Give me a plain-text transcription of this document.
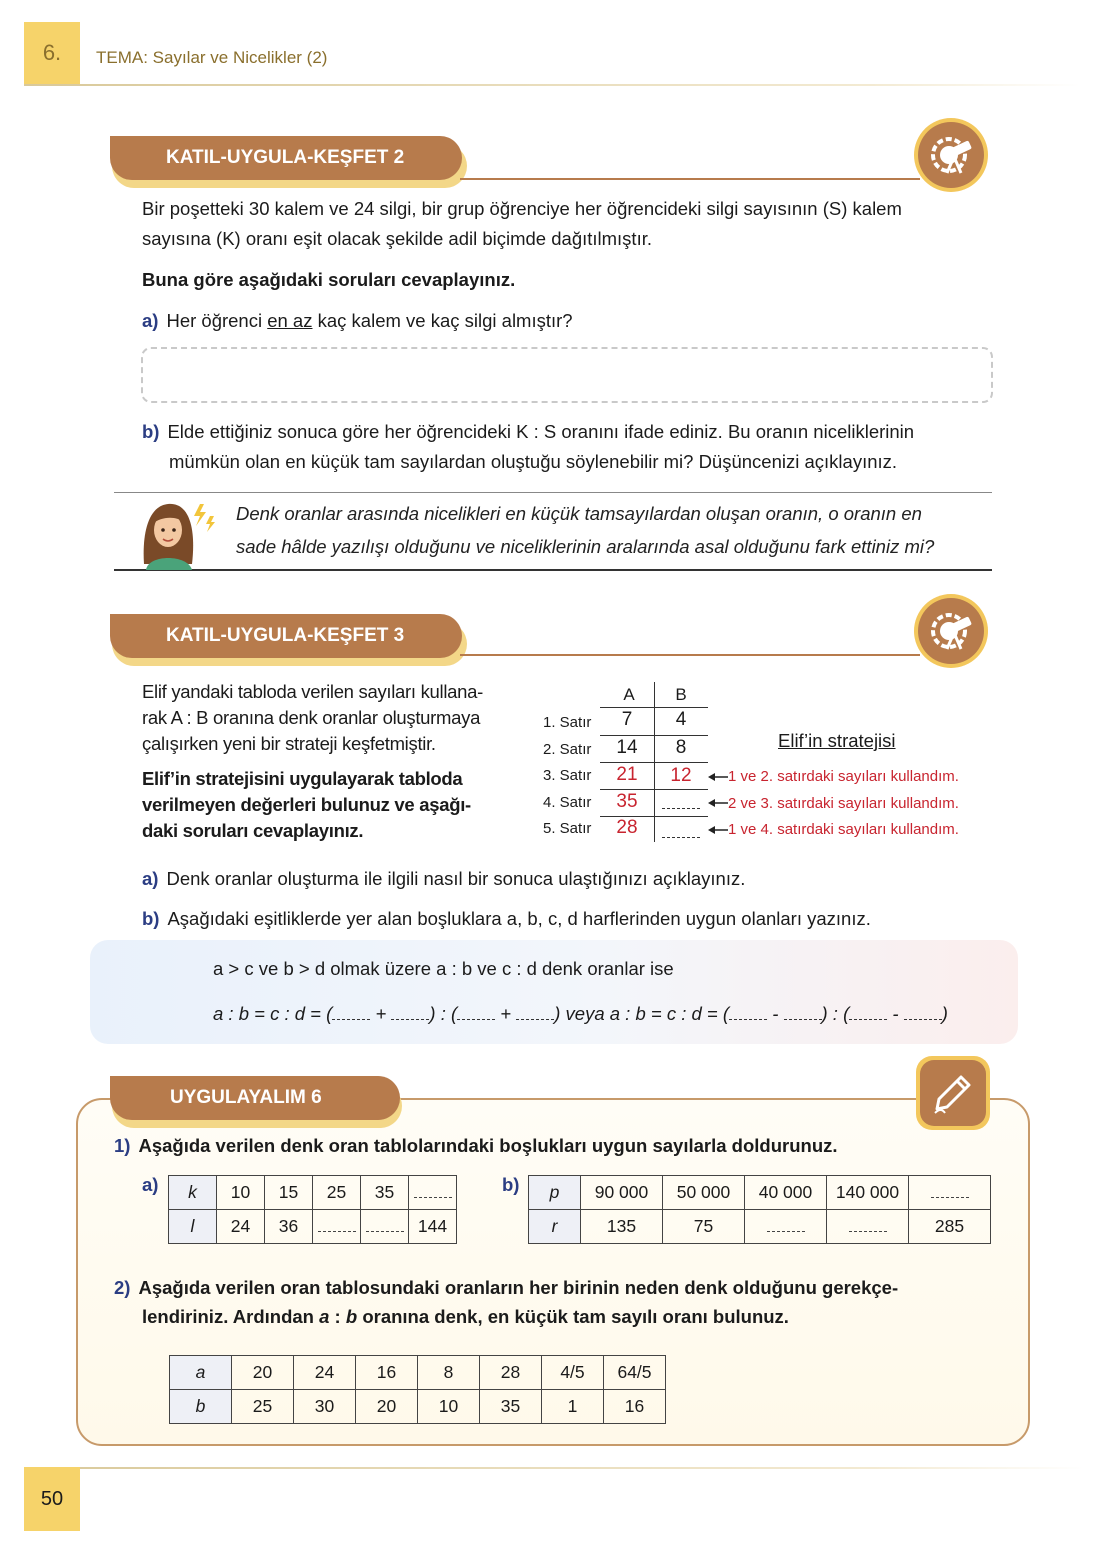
6.	TEMA: Sayılar ve Nicelikler (2)
KATIL-UYGULA-KEŞFET 2
Bir poşetteki 30 kalem ve 24 silgi, bir grup öğrenciye her öğrencideki silgi sayısının (S) kalem
sayısına (K) oranı eşit olacak şekilde adil biçimde dağıtılmıştır.
Buna göre aşağıdaki soruları cevaplayınız.
a) Her öğrenci en az kaç kalem ve kaç silgi almıştır?
b) Elde ettiğiniz sonuca göre her öğrencideki K : S oranını ifade ediniz. Bu oranın niceliklerinin
mümkün olan en küçük tam sayılardan oluştuğu söylenebilir mi? Düşüncenizi açıklayınız.
Denk oranlar arasında nicelikleri en küçük tamsayılardan oluşan oranın, o oranın en
sade hâlde yazılışı olduğunu ve niceliklerinin aralarında asal olduğunu fark ettiniz mi?
KATIL-UYGULA-KEŞFET 3
Elif yandaki tabloda verilen sayıları kullana-
rak A : B oranına denk oranlar oluşturmaya
çalışırken yeni bir strateji keşfetmiştir.
Elif’in stratejisini uygulayarak tabloda
verilmeyen değerleri bulunuz ve aşağı-
daki soruları cevaplayınız.
A	B
1. Satır	7	4
2. Satır	14	8
3. Satır	21	12
4. Satır	35
5. Satır	28
Elif’in stratejisi
1 ve 2. satırdaki sayıları kullandım.
2 ve 3. satırdaki sayıları kullandım.
1 ve 4. satırdaki sayıları kullandım.
a) Denk oranlar oluşturma ile ilgili nasıl bir sonuca ulaştığınızı açıklayınız.
b) Aşağıdaki eşitliklerde yer alan boşluklara a, b, c, d harflerinden uygun olanları yazınız.
a > c ve b > d olmak üzere a : b ve c : d denk oranlar ise
a : b = c : d = ( + ) : ( + ) veya a : b = c : d = ( - ) : ( - )
UYGULAYALIM 6
1) Aşağıda verilen denk oran tablolarındaki boşlukları uygun sayılarla doldurunuz.
a) k	10	15	25	35	
l	24	36			144
b) p	90 000	50 000	40 000	140 000	
r	135	75			285
2) Aşağıda verilen oran tablosundaki oranların her birinin neden denk olduğunu gerekçe-
lendiriniz. Ardından a : b oranına denk, en küçük tam sayılı oranı bulunuz.
a	20	24	16	8	28	4/5	64/5
b	25	30	20	10	35	1	16
50
